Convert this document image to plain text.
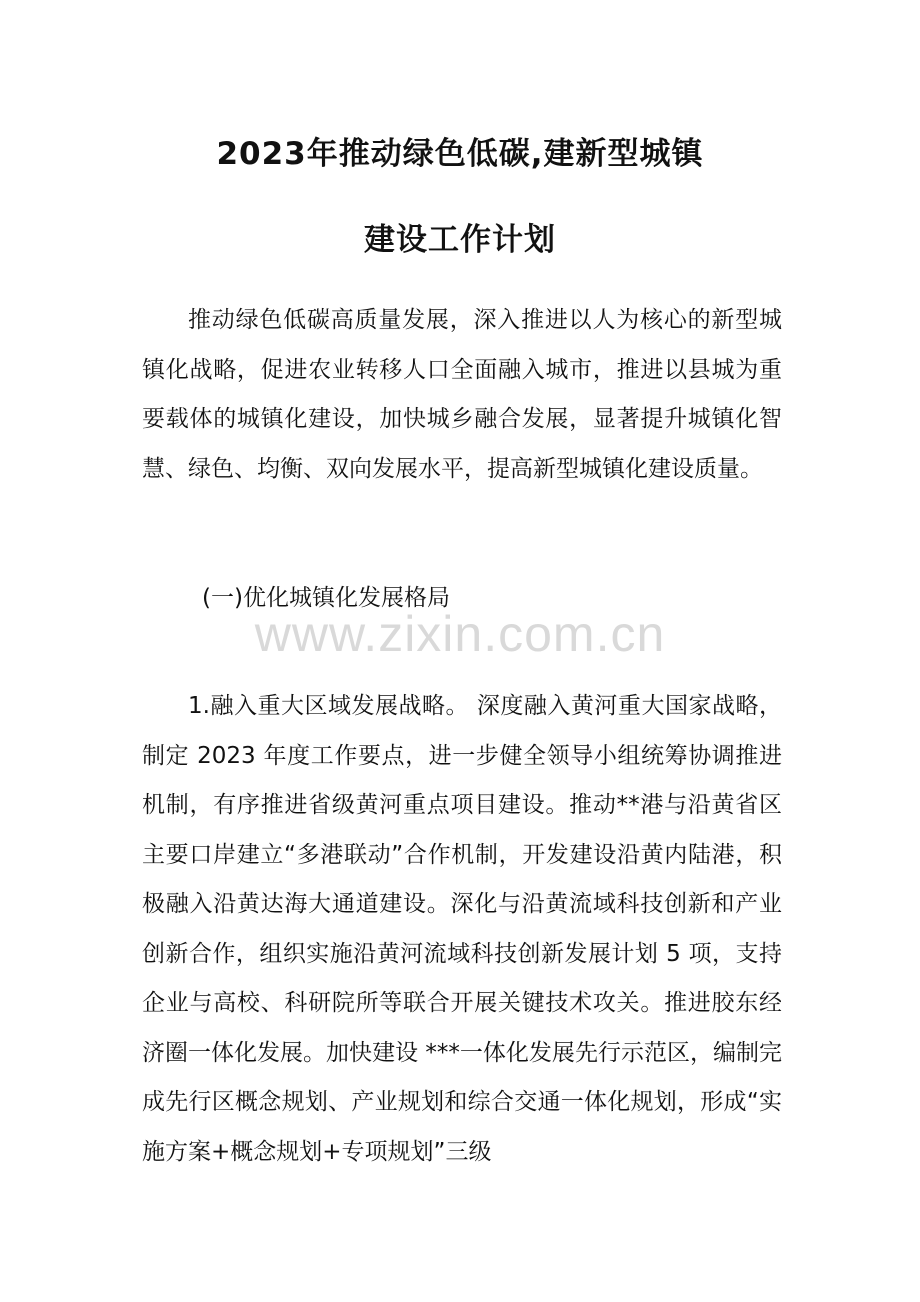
2023年推动绿色低碳,建新型城镇
建设工作计划

推动绿色低碳高质量发展，深入推进以人为核心的新型城镇化战略，促进农业转移人口全面融入城市，推进以县城为重要载体的城镇化建设，加快城乡融合发展，显著提升城镇化智慧、绿色、均衡、双向发展水平，提高新型城镇化建设质量。

(一)优化城镇化发展格局

www.zixin.com.cn

1.融入重大区域发展战略。 深度融入黄河重大国家战略，制定 2023 年度工作要点，进一步健全领导小组统筹协调推进机制，有序推进省级黄河重点项目建设。推动**港与沿黄省区主要口岸建立“多港联动”合作机制，开发建设沿黄内陆港，积极融入沿黄达海大通道建设。深化与沿黄流域科技创新和产业创新合作，组织实施沿黄河流域科技创新发展计划 5 项，支持企业与高校、科研院所等联合开展关键技术攻关。推进胶东经济圈一体化发展。加快建设 ***一体化发展先行示范区，编制完成先行区概念规划、产业规划和综合交通一体化规划，形成“实施方案+概念规划+专项规划”三级
